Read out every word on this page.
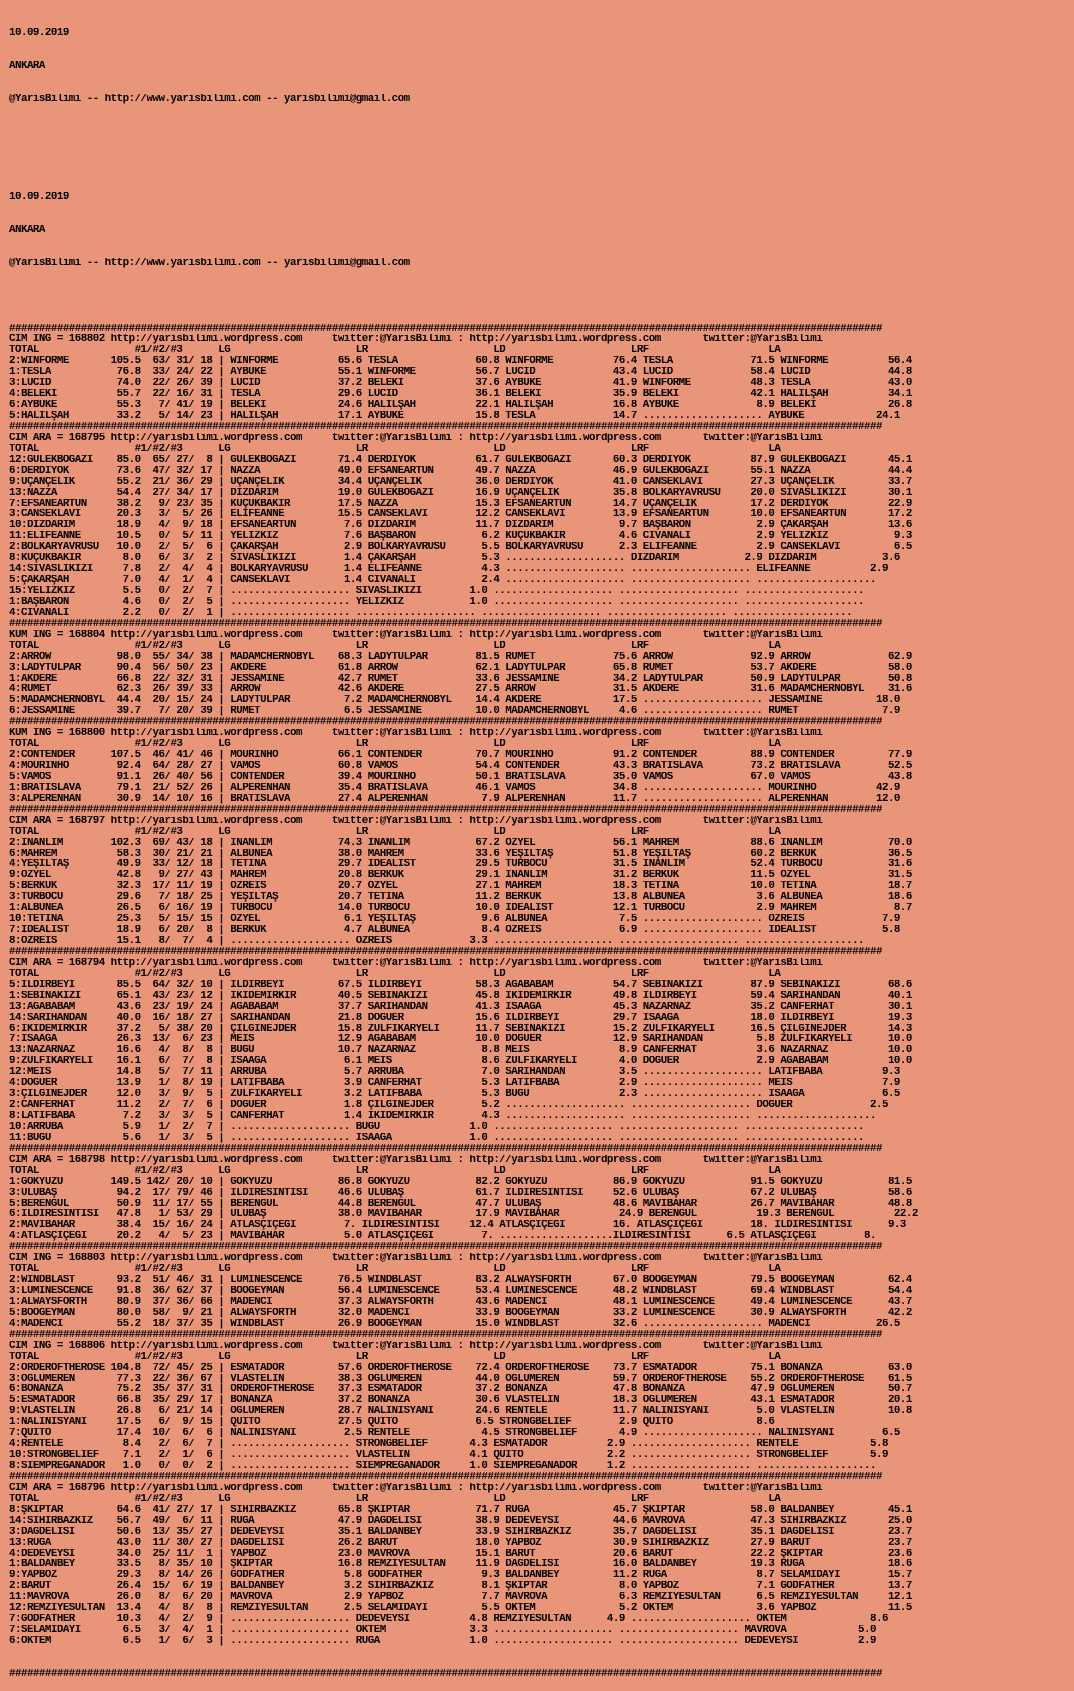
10.09.2019

ANKARA

@YarisBilimi -- http://www.yarisbilimi.com -- yarisbilimi@gmail.com

10.09.2019

ANKARA

@YarisBilimi -- http://www.yarisbilimi.com -- yarisbilimi@gmail.com

##################################################################################################################################################
CIM ING = 168802 http://yarisbilimi.wordpress.com     twitter:@YarisBilimi : http://yarisbilimi.wordpress.com       twitter:@YarisBilimi
TOTAL                #1/#2/#3      LG                     LR                     LD                     LRF                    LA
2:WINFORME       105.5  63/ 31/ 18 | WINFORME          65.6 TESLA             60.8 WINFORME          76.4 TESLA             71.5 WINFORME          56.4
1:TESLA           76.8  33/ 24/ 22 | AYBUKE            55.1 WINFORME          56.7 LUCID             43.4 LUCID             58.4 LUCID             44.8
3:LUCID           74.0  22/ 26/ 39 | LUCID             37.2 BELEKI            37.6 AYBUKE            41.9 WINFORME          48.3 TESLA             43.0
4:BELEKİ          55.7  22/ 16/ 31 | TESLA             29.6 LUCID             36.1 BELEKİ            35.9 BELEKİ            42.1 HALILŞAH          34.1
6:AYBUKE          55.3   7/ 41/ 19 | BELEKİ            24.6 HALILŞAH          22.1 HALILŞAH          16.8 AYBUKE             8.9 BELEKİ            26.8
5:HALILŞAH        33.2   5/ 14/ 23 | HALILŞAH          17.1 AYBUKE            15.8 TESLA             14.7 .................... AYBUKE            24.1
##################################################################################################################################################
CIM ARA = 168795 http://yarisbilimi.wordpress.com     twitter:@YarisBilimi : http://yarisbilimi.wordpress.com       twitter:@YarisBilimi
TOTAL                #1/#2/#3      LG                     LR                     LD                     LRF                    LA
12:GULEKBOĞAZI    85.0  65/ 27/  8 | GULEKBOĞAZI       71.4 DERDİYOK          61.7 GULEKBOĞAZI       60.3 DERDİYOK          87.9 GULEKBOĞAZI       45.1
6:DERDİYOK        73.6  47/ 32/ 17 | NAZZA             49.0 EFSANEARTUN       49.7 NAZZA             46.9 GULEKBOĞAZI       55.1 NAZZA             44.4
9:UÇANÇELİK       55.2  21/ 36/ 29 | UÇANÇELİK         34.4 UÇANÇELİK         36.0 DERDİYOK          41.0 CANSEKLAVİ        27.3 UÇANÇELİK         33.7
13:NAZZA          54.4  27/ 34/ 17 | DİZDARIM          19.0 GULEKBOĞAZI       16.9 UÇANÇELİK         35.8 BOLKARYAVRUSU     20.0 SİVASLIKIZI       30.1
7:EFSANEARTUN     38.2   9/ 23/ 35 | KUÇUKBAKIR        17.5 NAZZA             15.3 EFSANEARTUN       14.7 UÇANÇELİK         17.2 DERDİYOK          22.9
3:CANSEKLAVİ      20.3   3/  5/ 26 | ELİFEANNE         15.5 CANSEKLAVİ        12.2 CANSEKLAVİ        13.9 EFSANEARTUN       10.0 EFSANEARTUN       17.2
10:DİZDARIM       18.9   4/  9/ 18 | EFSANEARTUN        7.6 DİZDARIM          11.7 DİZDARIM           9.7 BAŞBARON           2.9 ÇAKARŞAH          13.6
11:ELİFEANNE      10.5   0/  5/ 11 | YELİZKIZ           7.6 BAŞBARON           6.2 KUÇUKBAKIR         4.6 CİVANALİ           2.9 YELİZKIZ           9.3
2:BOLKARYAVRUSU   10.0   2/  5/  6 | ÇAKARŞAH           2.9 BOLKARYAVRUSU      5.5 BOLKARYAVRUSU      2.3 ELİFEANNE          2.9 CANSEKLAVİ         6.5
8:KUÇUKBAKIR       8.0   6/  3/  2 | SİVASLIKIZI        1.4 ÇAKARŞAH           5.3 .................... DİZDARIM           2.9 DİZDARIM           3.6
14:SİVASLIKIZI     7.8   2/  4/  4 | BOLKARYAVRUSU      1.4 ELİFEANNE          4.3 .................... .................... ELİFEANNE          2.9
5:ÇAKARŞAH         7.0   4/  1/  4 | CANSEKLAVİ         1.4 CİVANALİ           2.4 .................... .................... ....................
15:YELİZKIZ        5.5   0/  2/  7 | .................... SİVASLIKIZI        1.0 .................... .................... ....................
1:BAŞBARON         4.6   0/  2/  5 | .................... YELİZKIZ           1.0 .................... .................... ....................
4:CİVANALİ         2.2   0/  2/  1 | .................... .................... .................... .................... ....................
##################################################################################################################################################
KUM ING = 168804 http://yarisbilimi.wordpress.com     twitter:@YarisBilimi : http://yarisbilimi.wordpress.com       twitter:@YarisBilimi
TOTAL                #1/#2/#3      LG                     LR                     LD                     LRF                    LA
2:ARROW           98.0  55/ 34/ 38 | MADAMCHERNOBYL    68.3 LADYTULPAR        81.5 RUMET             75.6 ARROW             92.9 ARROW             62.9
3:LADYTULPAR      90.4  56/ 50/ 23 | AKDERE            61.8 ARROW             62.1 LADYTULPAR        65.8 RUMET             53.7 AKDERE            58.0
1:AKDERE          66.8  22/ 32/ 31 | JESSAMINE         42.7 RUMET             33.6 JESSAMINE         34.2 LADYTULPAR        50.9 LADYTULPAR        50.8
4:RUMET           62.3  26/ 39/ 33 | ARROW             42.6 AKDERE            27.5 ARROW             31.5 AKDERE            31.6 MADAMCHERNOBYL    31.6
5:MADAMCHERNOBYL  44.4  20/ 15/ 24 | LADYTULPAR         7.2 MADAMCHERNOBYL    14.4 AKDERE            17.5 .................... JESSAMINE         18.0
6:JESSAMINE       39.7   7/ 20/ 39 | RUMET              6.5 JESSAMINE         10.0 MADAMCHERNOBYL     4.6 .................... RUMET              7.9
##################################################################################################################################################
KUM ING = 168800 http://yarisbilimi.wordpress.com     twitter:@YarisBilimi : http://yarisbilimi.wordpress.com       twitter:@YarisBilimi
TOTAL                #1/#2/#3      LG                     LR                     LD                     LRF                    LA
2:CONTENDER      107.5  46/ 41/ 46 | MOURINHO          66.1 CONTENDER         70.7 MOURINHO          91.2 CONTENDER         88.9 CONTENDER         77.9
4:MOURINHO        92.4  64/ 28/ 27 | VAMOS             60.8 VAMOS             54.4 CONTENDER         43.3 BRATİSLAVA        73.2 BRATİSLAVA        52.5
5:VAMOS           91.1  26/ 40/ 56 | CONTENDER         39.4 MOURINHO          50.1 BRATİSLAVA        35.0 VAMOS             67.0 VAMOS             43.8
1:BRATİSLAVA      79.1  21/ 52/ 26 | ALPERENHAN        35.4 BRATİSLAVA        46.1 VAMOS             34.8 .................... MOURINHO          42.9
3:ALPERENHAN      30.9  14/ 10/ 16 | BRATİSLAVA        27.4 ALPERENHAN         7.9 ALPERENHAN        11.7 .................... ALPERENHAN        12.0
##################################################################################################################################################
CIM ARA = 168797 http://yarisbilimi.wordpress.com     twitter:@YarisBilimi : http://yarisbilimi.wordpress.com       twitter:@YarisBilimi
TOTAL                #1/#2/#3      LG                     LR                     LD                     LRF                    LA
2:İNANLIM        102.3  69/ 43/ 18 | İNANLIM           74.3 İNANLIM           67.2 ÖZYEL             56.1 MAHREM            88.6 İNANLIM           70.0
6:MAHREM          58.3  30/ 21/ 21 | ALBUNEA           38.0 MAHREM            33.6 YEŞİLTAŞ          51.8 YEŞİLTAŞ          60.2 BERKUK            36.5
4:YEŞİLTAŞ        49.9  33/ 12/ 18 | TETİNA            29.7 İDEALİST          29.5 TURBOCU           31.5 İNANLIM           52.4 TURBOCU           31.6
9:ÖZYEL           42.8   9/ 27/ 43 | MAHREM            20.8 BERKUK            29.1 İNANLIM           31.2 BERKUK            11.5 ÖZYEL             31.5
5:BERKUK          32.3  17/ 11/ 19 | ÖZREİS            20.7 ÖZYEL             27.1 MAHREM            18.3 TETİNA            10.0 TETİNA            18.7
3:TURBOCU         29.6   7/ 18/ 25 | YEŞİLTAŞ          20.7 TETİNA            11.2 BERKUK            13.8 ALBUNEA            3.6 ALBUNEA           18.6
1:ALBUNEA         26.5   6/ 16/ 19 | TURBOCU           14.0 TURBOCU           10.0 İDEALİST          12.1 TURBOCU            2.9 MAHREM             8.7
10:TETİNA         25.3   5/ 15/ 15 | ÖZYEL              6.1 YEŞİLTAŞ           9.6 ALBUNEA            7.5 .................... ÖZREİS             7.9
7:İDEALİST        18.9   6/ 20/  8 | BERKUK             4.7 ALBUNEA            8.4 ÖZREİS             6.9 .................... İDEALİST           5.8
8:ÖZREİS          15.1   8/  7/  4 | .................... ÖZREİS             3.3 .................... .................... ....................
##################################################################################################################################################
CIM ARA = 168794 http://yarisbilimi.wordpress.com     twitter:@YarisBilimi : http://yarisbilimi.wordpress.com       twitter:@YarisBilimi
TOTAL                #1/#2/#3      LG                     LR                     LD                     LRF                    LA
5:ILDIRBEYİ       85.5  64/ 32/ 10 | ILDIRBEYİ         67.5 ILDIRBEYİ         58.3 AGABABAM          54.7 SEBİNAKIZI        87.9 SEBİNAKIZI        68.6
1:SEBİNAKIZI      65.1  43/ 23/ 12 | İKİDEMIRKIR       40.5 SEBİNAKIZI        45.8 İKİDEMIRKIR       49.8 ILDIRBEYİ         59.4 SARIHANDAN        40.1
13:AGABABAM       43.6  23/ 19/ 24 | AGABABAM          37.7 SARIHANDAN        41.3 İSAAĞA            45.3 NAZARNAZ          35.2 CANFERHAT         30.1
14:SARIHANDAN     40.0  16/ 18/ 27 | SARIHANDAN        21.8 DOGUER            15.6 ILDIRBEYİ         29.7 İSAAĞA            18.0 ILDIRBEYİ         19.3
6:İKİDEMIRKIR     37.2   5/ 38/ 20 | ÇILGINEJDER       15.8 ZULFİKARYELİ      11.7 SEBİNAKIZI        15.2 ZULFİKARYELİ      16.5 ÇILGINEJDER       14.3
7:İSAAĞA          26.3  13/  6/ 23 | MEİS              12.9 AGABABAM          10.0 DOGUER            12.9 SARIHANDAN         5.8 ZULFİKARYELİ      10.0
13:NAZARNAZ       16.6   4/  8/  8 | BUGU              10.7 NAZARNAZ           8.8 MEİS               8.9 CANFERHAT          3.6 NAZARNAZ          10.0
9:ZULFİKARYELİ    16.1   6/  7/  8 | İSAAĞA             6.1 MEİS               8.6 ZULFİKARYELİ       4.0 DOGUER             2.9 AGABABAM          10.0
12:MEİS           14.8   5/  7/ 11 | ARRUBA             5.7 ARRUBA             7.0 SARIHANDAN         3.5 .................... LATİFBABA          9.3
4:DOGUER          13.9   1/  8/ 19 | LATİFBABA          3.9 CANFERHAT          5.3 LATİFBABA          2.9 .................... MEİS               7.9
3:ÇILGINEJDER     12.0   3/  9/  5 | ZULFİKARYELİ       3.2 LATİFBABA          5.3 BUGU               2.3 .................... İSAAĞA             6.5
2:CANFERHAT       11.2   2/  7/  6 | DOGUER             1.8 ÇILGINEJDER        5.2 .................... .................... DOGUER             2.5
8:LATİFBABA        7.2   3/  3/  5 | CANFERHAT          1.4 İKİDEMIRKIR        4.3 .................... .................... ....................
10:ARRUBA          5.9   1/  2/  7 | .................... BUGU               1.0 .................... .................... ....................
11:BUGU            5.6   1/  3/  5 | .................... İSAAĞA             1.0 .................... .................... ....................
##################################################################################################################################################
CIM ARA = 168798 http://yarisbilimi.wordpress.com     twitter:@YarisBilimi : http://yarisbilimi.wordpress.com       twitter:@YarisBilimi
TOTAL                #1/#2/#3      LG                     LR                     LD                     LRF                    LA
1:GÖKYÜZÜ        149.5 142/ 20/ 10 | GÖKYÜZÜ           86.8 GÖKYÜZÜ           82.2 GÖKYÜZÜ           86.9 GÖKYÜZÜ           91.5 GÖKYÜZÜ           81.5
3:ULUBAŞ          94.2  17/ 79/ 46 | ILDIRESİNTİSİ     46.6 ULUBAŞ            61.7 ILDIRESİNTİSİ     52.6 ULUBAŞ            67.2 ULUBAŞ            58.6
5:BERENGUL        50.9  11/ 17/ 55 | BERENGUL          44.8 BERENGUL          47.7 ULUBAŞ            48.6 MAVİBAHAR         26.7 MAVİBAHAR         48.8
6:ILDIRESİNTİSİ   47.8   1/ 53/ 29 | ULUBAŞ            38.0 MAVİBAHAR         17.9 MAVİBAHAR          24.9 BERENGUL          19.3 BERENGUL          22.2
2:MAVİBAHAR       38.4  15/ 16/ 24 | ATLASÇIÇEĞİ        7. ILDIRESİNTİSİ     12.4 ATLASÇIÇEĞİ        16. ATLASÇIÇEĞİ        18. ILDIRESİNTİSİ      9.3
4:ATLASÇIÇEĞİ     20.2   4/  5/ 23 | MAVİBAHAR          5.0 ATLASÇIÇEĞİ        7. ...................ILDIRESİNTİSİ      6.5 ATLASÇIÇEĞİ        8.
##################################################################################################################################################
CIM ING = 168803 http://yarisbilimi.wordpress.com     twitter:@YarisBilimi : http://yarisbilimi.wordpress.com       twitter:@YarisBilimi
TOTAL                #1/#2/#3      LG                     LR                     LD                     LRF                    LA
2:WINDBLAST       93.2  51/ 46/ 31 | LUMINESCENCE      76.5 WINDBLAST         83.2 ALWAYSFORTH       67.0 BOOGEYMAN         79.5 BOOGEYMAN         62.4
3:LUMINESCENCE    91.8  36/ 62/ 37 | BOOGEYMAN         56.4 LUMINESCENCE      53.4 LUMINESCENCE      48.2 WINDBLAST         69.4 WINDBLAST         54.4
1:ALWAYSFORTH     80.9  37/ 36/ 66 | MADENCİ           37.3 ALWAYSFORTH       43.6 MADENCİ           48.1 LUMINESCENCE      49.4 LUMINESCENCE      43.7
5:BOOGEYMAN       80.0  58/  9/ 21 | ALWAYSFORTH       32.0 MADENCİ           33.9 BOOGEYMAN         33.2 LUMINESCENCE      30.9 ALWAYSFORTH       42.2
4:MADENCİ         55.2  18/ 37/ 35 | WINDBLAST         26.9 BOOGEYMAN         15.0 WINDBLAST         32.6 .................... MADENCİ           26.5
##################################################################################################################################################
CIM ING = 168806 http://yarisbilimi.wordpress.com     twitter:@YarisBilimi : http://yarisbilimi.wordpress.com       twitter:@YarisBilimi
TOTAL                #1/#2/#3      LG                     LR                     LD                     LRF                    LA
2:ORDEROFTHEROSE 104.8  72/ 45/ 25 | ESMATADOR         57.6 ORDEROFTHEROSE    72.4 ORDEROFTHEROSE    73.7 ESMATADOR         75.1 BONANZA           63.0
3:OGLUMEREN       77.3  22/ 36/ 67 | VLASTELIN         38.3 OGLUMEREN         44.0 OGLUMEREN         59.7 ORDEROFTHEROSE    55.2 ORDEROFTHEROSE    61.5
6:BONANZA         75.2  35/ 37/ 31 | ORDEROFTHEROSE    37.3 ESMATADOR         37.2 BONANZA           47.8 BONANZA           47.9 OGLUMEREN         50.7
5:ESMATADOR       66.8  35/ 29/ 17 | BONANZA           37.2 BONANZA           30.6 VLASTELIN         18.3 OGLUMEREN         43.1 ESMATADOR         20.1
9:VLASTELIN       26.8   6/ 21/ 14 | OGLUMEREN         28.7 NALINISYANI       24.6 RENTELE           11.7 NALINISYANI        5.0 VLASTELIN         10.8
1:NALINISYANI     17.5   6/  9/ 15 | QUITO             27.5 QUITO             6.5 STRONGBELIEF        2.9 QUITO              8.6
7:QUITO           17.4  10/  6/  6 | NALINISYANI        2.5 RENTELE            4.5 STRONGBELIEF       4.9 .................... NALINISYANI        6.5
4:RENTELE          8.4   2/  6/  7 | .................... STRONGBELIEF       4.3 ESMATADOR          2.9 .................... RENTELE            5.8
10:STRONGBELIEF    7.1   2/  1/  6 | .................... VLASTELIN          4.1 QUITO              2.2 .................... STRONGBELIEF       5.9
8:SIEMPREGANADOR   1.0   0/  0/  2 | .................... SIEMPREGANADOR     1.0 SIEMPREGANADOR     1.2 .................... ....................
##################################################################################################################################################
CIM ARA = 168796 http://yarisbilimi.wordpress.com     twitter:@YarisBilimi : http://yarisbilimi.wordpress.com       twitter:@YarisBilimi
TOTAL                #1/#2/#3      LG                     LR                     LD                     LRF                    LA
8:ŞKIPTAR         64.6  41/ 27/ 17 | SIHIRBAZKIZ       65.8 ŞKIPTAR           71.7 RUGA              45.7 ŞKIPTAR           58.0 BALDANBEY         45.1
14:SIHIRBAZKIZ    56.7  49/  6/ 11 | RUGA              47.9 DAGDELİSİ         38.9 DEDEVEYSİ         44.6 MAVROVA           47.3 SIHIRBAZKIZ       25.0
3:DAGDELİSİ       50.6  13/ 35/ 27 | DEDEVEYSİ         35.1 BALDANBEY         33.9 SIHIRBAZKIZ       35.7 DAGDELİSİ         35.1 DAGDELİSİ         23.7
13:RUGA           43.0  11/ 30/ 27 | DAGDELİSİ         26.2 BARUT             18.0 YAPBOZ            30.9 SIHIRBAZKIZ       27.9 BARUT             23.7
4:DEDEVEYSİ       34.0  25/ 11/  1 | YAPBOZ            23.0 MAVROVA           15.1 BARUT             20.6 BARUT             22.2 ŞKIPTAR           23.6
1:BALDANBEY       33.5   8/ 35/ 10 | ŞKIPTAR           16.8 REMZIYESULTAN     11.9 DAGDELİSİ         16.0 BALDANBEY         19.3 RUGA              18.6
9:YAPBOZ          29.3   8/ 14/ 26 | GODFATHER          5.8 GODFATHER          9.3 BALDANBEY         11.2 RUGA               8.7 SELAMIDAYI        15.7
2:BARUT           26.4  15/  6/ 19 | BALDANBEY          3.2 SIHIRBAZKIZ        8.1 ŞKIPTAR            8.0 YAPBOZ             7.1 GODFATHER         13.7
11:MAVROVA        26.0   8/  6/ 20 | MAVROVA            2.9 YAPBOZ             7.7 MAVROVA            6.3 REMZIYESULTAN      6.5 REMZIYESULTAN     12.1
12:REMZIYESULTAN  13.4   4/  8/  8 | REMZIYESULTAN      2.5 SELAMIDAYI         5.5 OKTEM              5.2 OKTEM              3.6 YAPBOZ            11.5
7:GODFATHER       10.3   4/  2/  9 | .................... DEDEVEYSİ          4.8 REMZIYESULTAN      4.9 .................... OKTEM              8.6
7:SELAMIDAYI       6.5   3/  4/  1 | .................... OKTEM              3.3 .................... .................... MAVROVA            5.0
6:OKTEM            6.5   1/  6/  3 | .................... RUGA               1.0 .................... .................... DEDEVEYSİ          2.9

##################################################################################################################################################
